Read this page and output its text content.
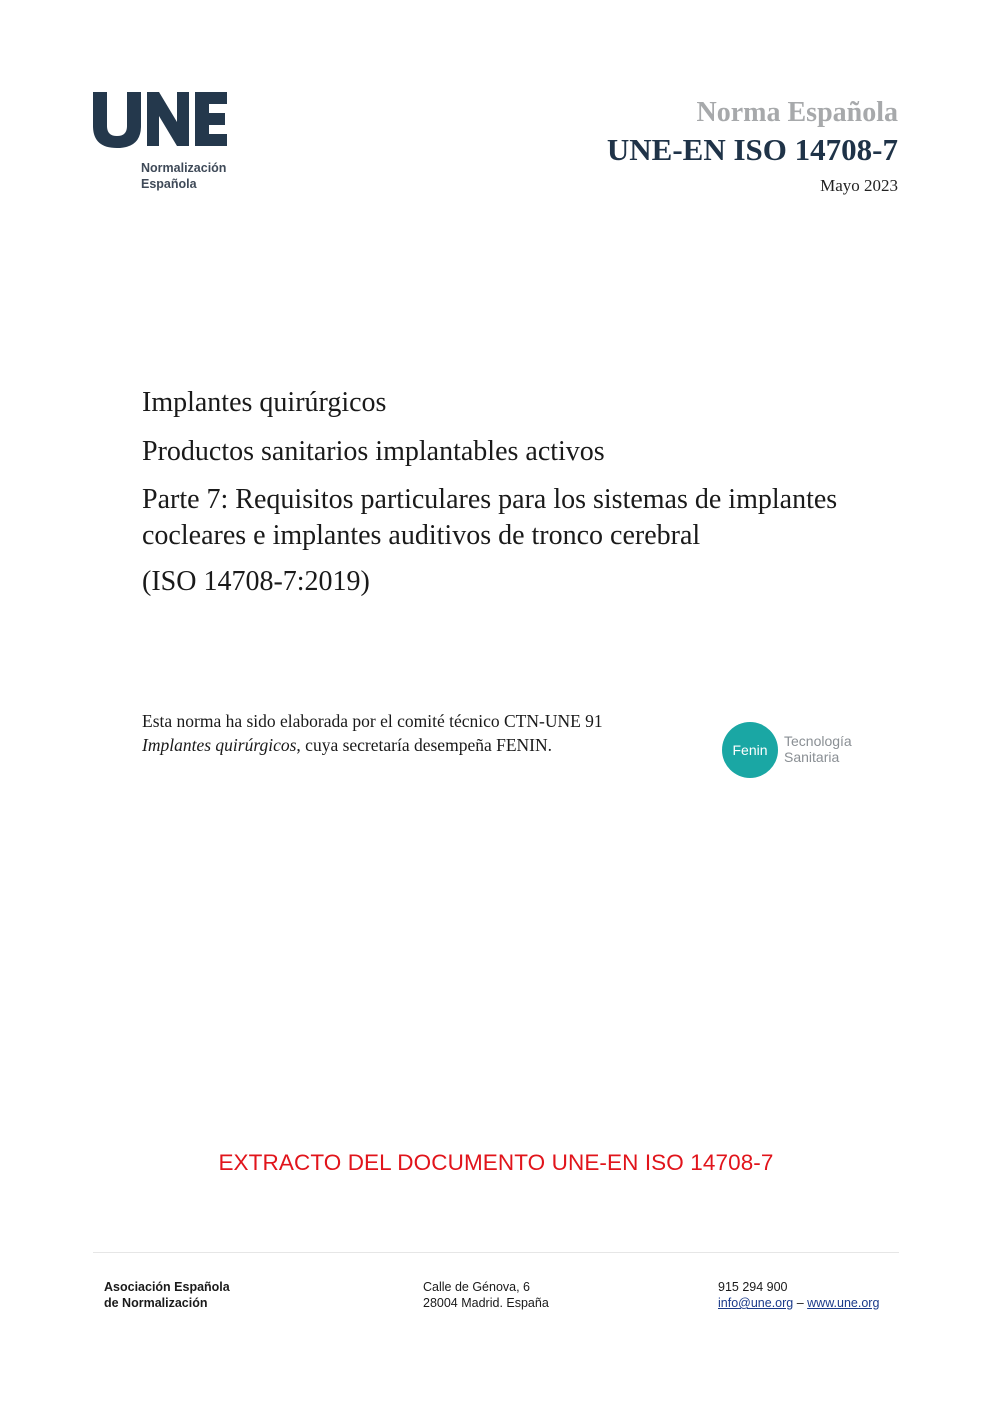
Normalización
Española
Norma Española
UNE-EN ISO 14708-7
Mayo 2023

Implantes quirúrgicos

Productos sanitarios implantables activos

Parte 7: Requisitos particulares para los sistemas de implantes cocleares e implantes auditivos de tronco cerebral

(ISO 14708-7:2019)

Esta norma ha sido elaborada por el comité técnico CTN-UNE 91 Implantes quirúrgicos, cuya secretaría desempeña FENIN.	Fenin
Tecnología
Sanitaria
EXTRACTO DEL DOCUMENTO UNE-EN ISO 14708-7
Asociación Española
de Normalización
Calle de Génova, 6
28004 Madrid. España
915 294 900
info@une.org – www.une.org
